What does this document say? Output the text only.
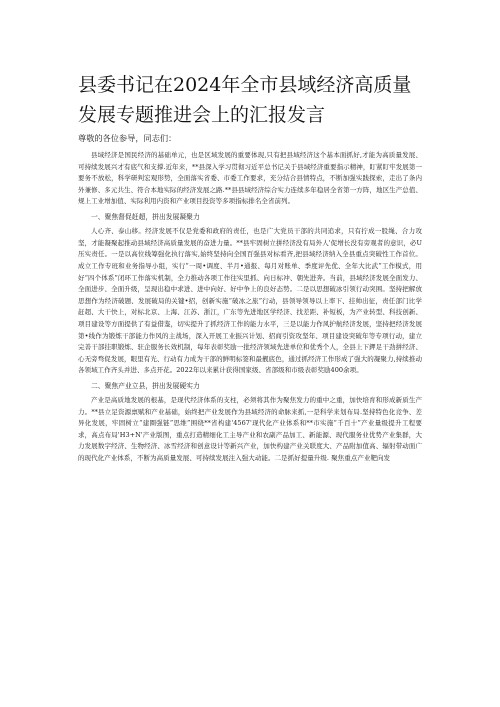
县委书记在2024年全市县域经济高质量发展专题推进会上的汇报发言

尊敬的各位参导，同志们：

县域经济是国民经济的基础单元，也是区域发展的重要体现,只有把县域经济这个基本面抓好,才能为高质量发展、可持续发展兴才有底气和支撑.近年来，**县深入学习贯彻习近平总书记关于县域经济重要指示精神，盯紧盯牢发展第一要务不放松，科学研判宏观形势，全面落实省委、市委工作要求，充分结合县情特点，不断加强实践探索，走出了条内外兼修、多元共生、符合本地实际的经济发展之路.**县县域经济综合实力连续多年稳居全省第一方阵，地区生产总值、规上工业增加值、实际利用内资和产业项目投资等多项指标排名全省前列。

一、聚焦督促赶超，拼出发展凝聚力

人心齐、泰山移。经济发展不仅是党委和政府的责任，也是广大党员干部的共同追求，只有拧成一股绳、合力攻坚，才能凝聚起推动县域经济高质量发展的奋进力量。**县牢固树立拼经济没有局外人'促增长没有旁观者的意识，必U压实责任。一是以高位线筹强化执行落实,始终坚持向全国百强县对标看齐,把县域经济纳入全县重点突破性工作首位。成立工作专班和业务指导小组，实行“一周•调度、半月•通报、每月对账单、季度评先优、全年大比武”工作模式，用好“四个体系”闭环工作落实机制，全力推动各项工作往实里抓、向日标冲、朝先进奔。当前，县域经济发展全面发力、全面进步、全面升级，呈现出稳中求进、进中向好、好中争上的良好态势。二是以思想破冰引领行动突围。坚持把解放思想作为经济破题、发展破局的关键•招，创新实施“破冰之旅”行动，县领导领导以上率下、挂帅出征，责任部门比学赶超、大干快上，对标北京、上海、江苏、浙江，广东等先进地区学经济、找差距、补短板，为产业转型、科技创新、项目建设等方面提供了有益借鉴，切实提升了抓经济工作的能力水平，三是以能力作风护航经济发展，坚持把经济发展第•线作为锻炼干部能力作风的主战场，深入开展工业振兴计划、招商引资攻坚年、项目建设突破年等专项行动，建立完善干部挂职锻炼、驻企服务长效机制，每年表彰奖励一批经济领域先进单位和优秀个人，全县上下鉀足干劲拼经济、心无旁骛促发展，眼里有光、行动有力成为干部的鲜明标签和最靓底色，通过抓经济工作形成了强大的凝聚力,持续推动各领域工作齐头并进、多点开花。2022年以来累计获得国家级、省部级和市级表彰奖励400余项。

二、聚焦产业立县，拼出发展硬实力

产业是高质地发展的根基，是现代经济体系的支柱，必须将其作为聚焦发力的重中之重，加快培育和形成新质生产力。**县立足资源禀赋和产业基础，始终把产业发展作为县域经济的命脉来抓,一是科学来划布局.坚持特色化竞争、差异化发展，牢固树立“建圈强链”思维”围绕**省构建'4567'现代化产业体系和**市实施“千百十”产业量级提升工程要求，高点布局'H3+N'产业版图，重点打造精细化工主导产业和农副产品加工、新能源、现代服务业优势产业集群，大力发展数字经济、生物经济、冰雪经济和创意设计等新兴产业，加快构建产业关联度大、产品附加值高、辐射带动面广的现代化产业体系，不断为高质量发展、可持续发展注入强大动能。二是抓好提量升级. 聚焦重点产业靶向发
